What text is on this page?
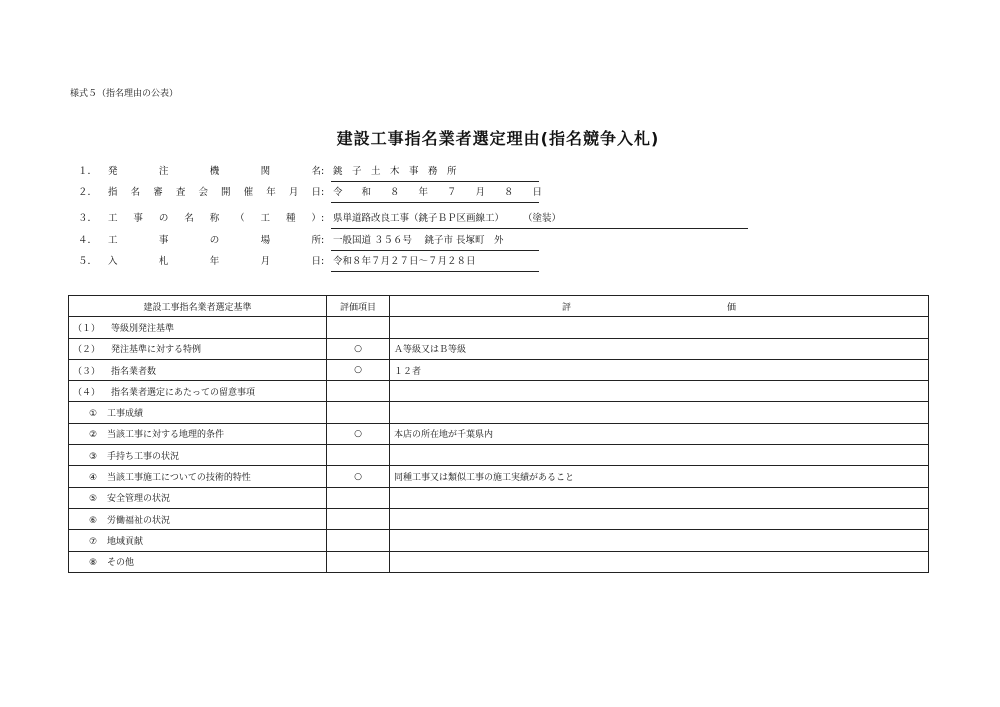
様式５（指名理由の公表）
建設工事指名業者選定理由(指名競争入札)
１．	発	注	機	関	名 : 銚　子　土　木　事　務　所
２．	指 名 審 査 会 開 催 年 月 日 : 令　　和　　８　　年　　７　　月　　８　　日
３．	工 事 の 名 称 （ 工 種 ） : 県単道路改良工事（銚子ＢＰ区画線工）　　　（塗装）
４．	工	事	の	場	所 : 一般国道 ３５６号　 銚子市 長塚町　外
５．	入	札	年	月	日 : 令和８年７月２７日～７月２８日
建設工事指名業者選定基準	評価項目	評 価

（１） 等級別発注基準		
（２） 発注基準に対する特例	○	Ａ等級又はＢ等級
（３） 指名業者数	○	１２者
（４） 指名業者選定にあたっての留意事項		
① 工事成績		
② 当該工事に対する地理的条件	○	本店の所在地が千葉県内
③ 手持ち工事の状況		
④ 当該工事施工についての技術的特性	○	同種工事又は類似工事の施工実績があること
⑤ 安全管理の状況		
⑥ 労働福祉の状況		
⑦ 地域貢献		
⑧ その他		
